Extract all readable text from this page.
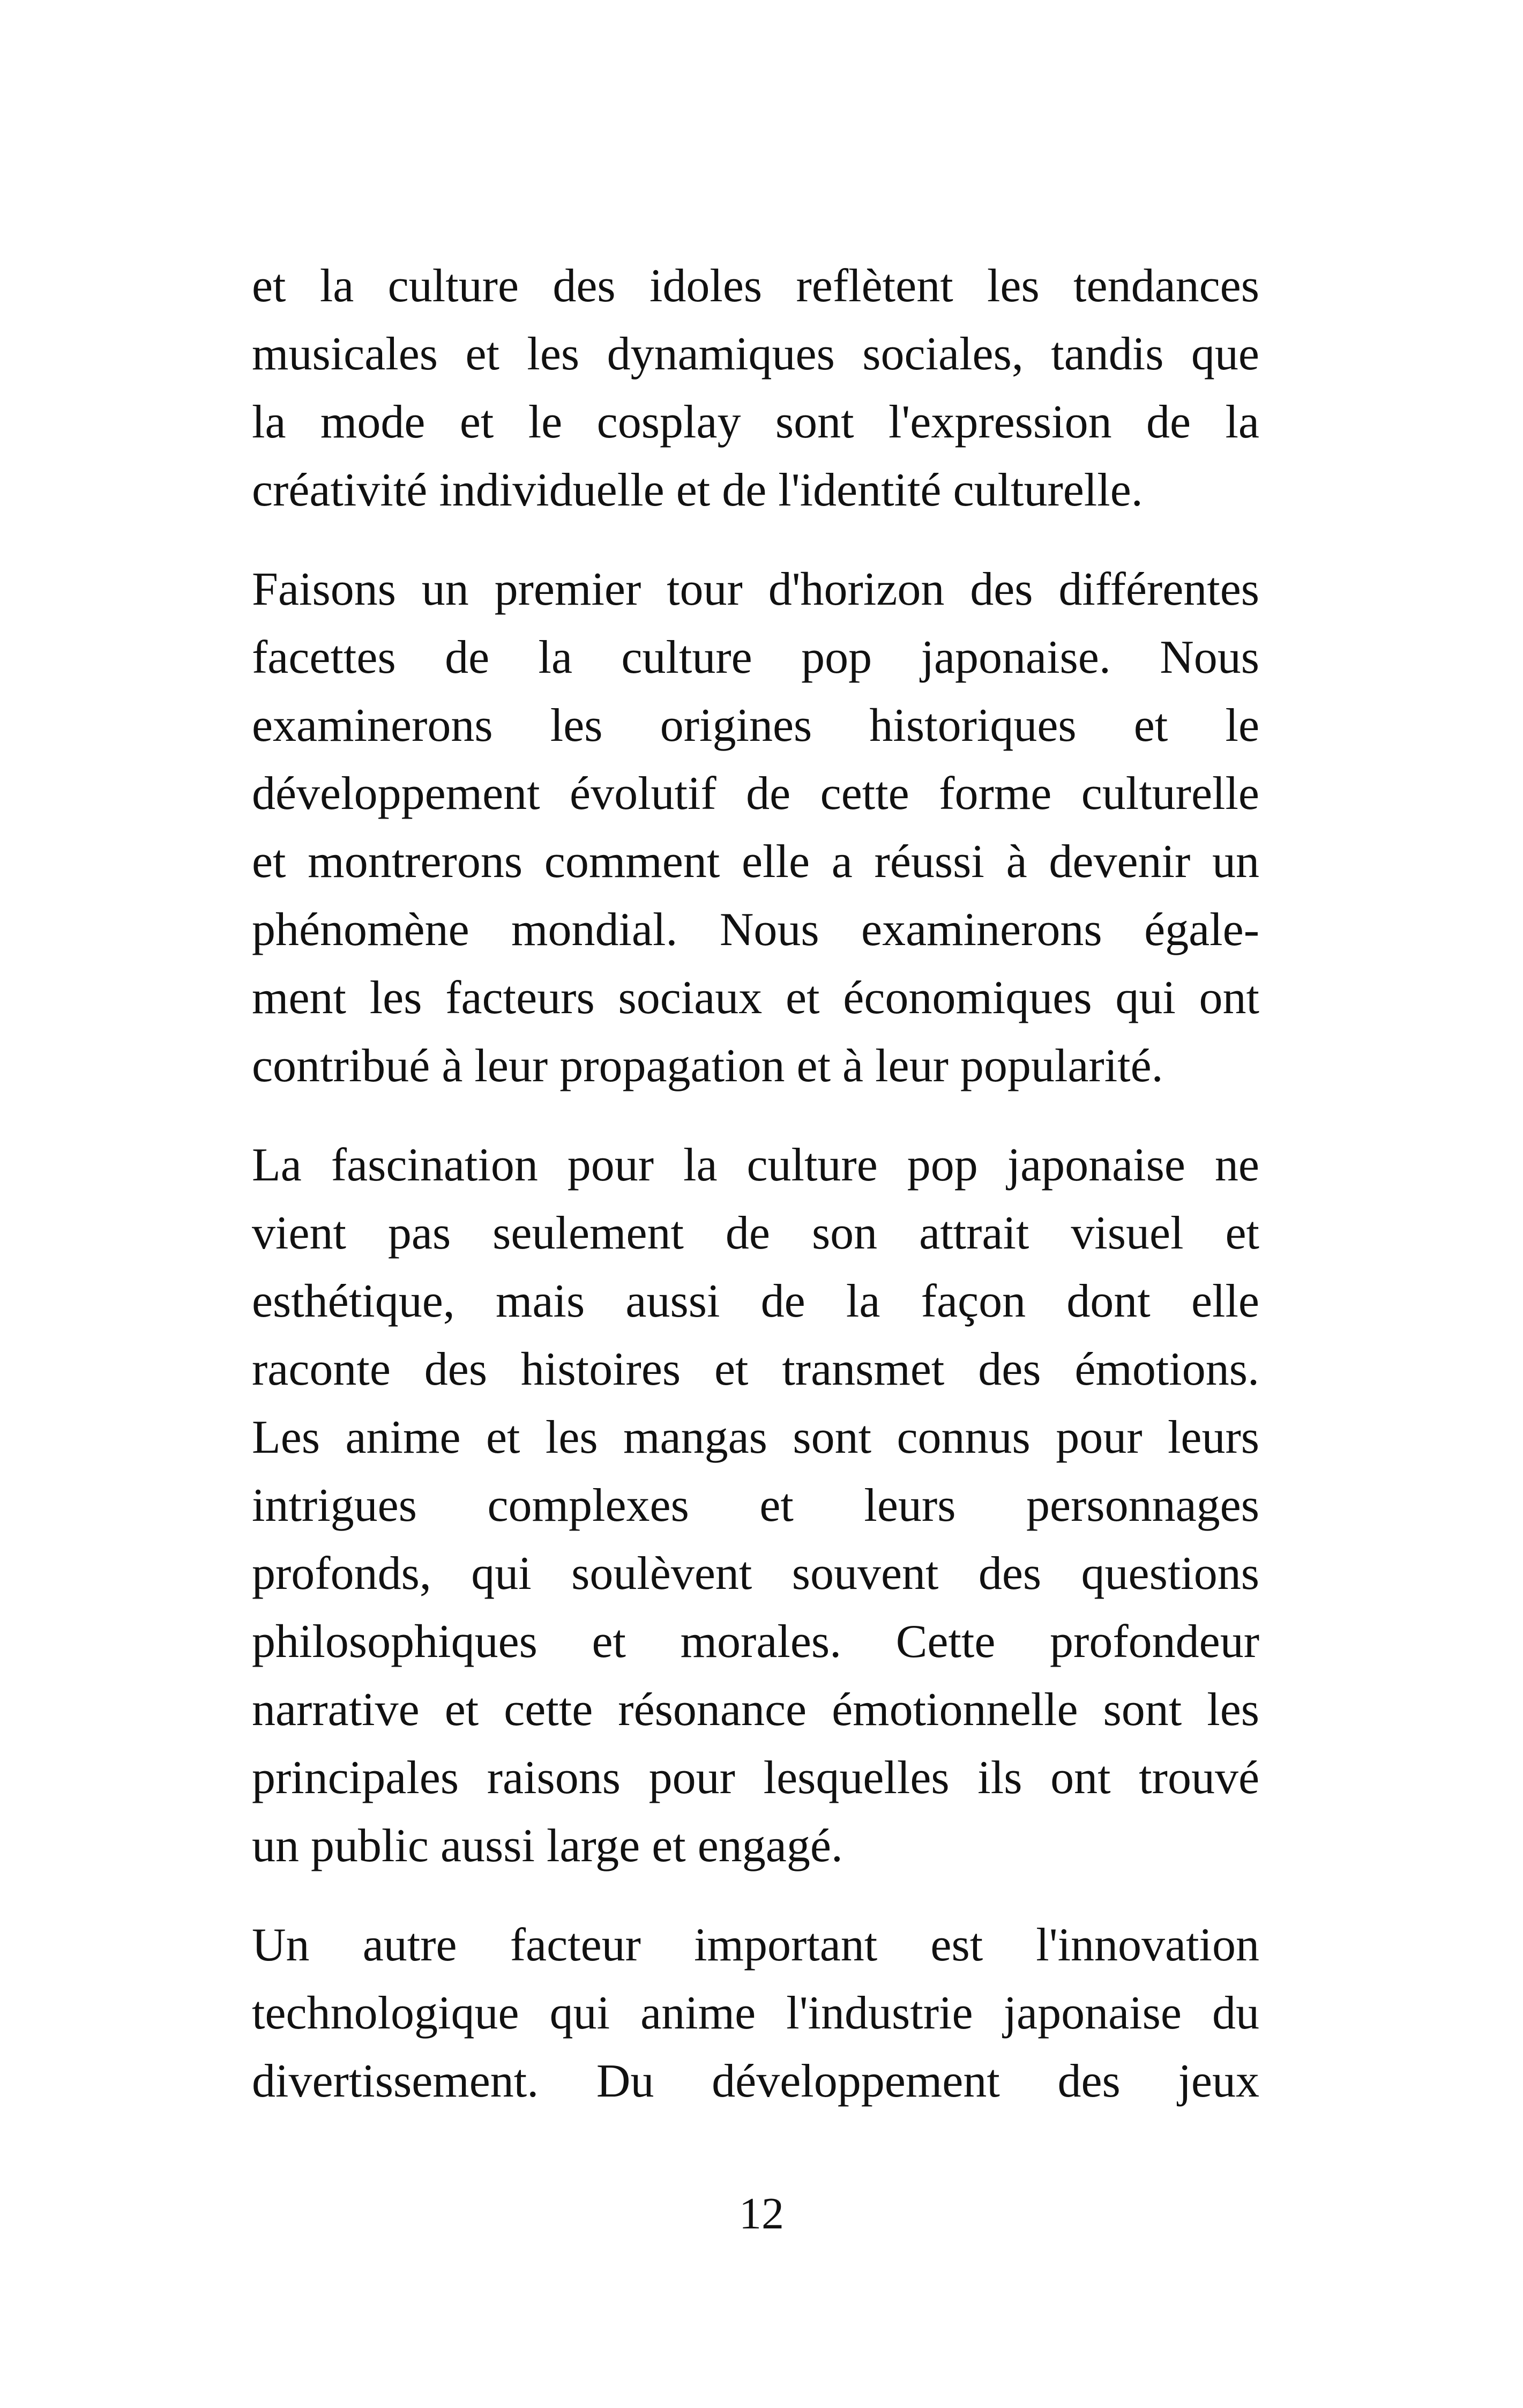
et la culture des idoles reflètent les tendances
musicales et les dynamiques sociales, tandis que
la mode et le cosplay sont l'expression de la
créativité individuelle et de l'identité culturelle.

Faisons un premier tour d'horizon des différentes
facettes de la culture pop japonaise. Nous
examinerons les origines historiques et le
développement évolutif de cette forme culturelle
et montrerons comment elle a réussi à devenir un
phénomène mondial. Nous examinerons égale-
ment les facteurs sociaux et économiques qui ont
contribué à leur propagation et à leur popularité.

La fascination pour la culture pop japonaise ne
vient pas seulement de son attrait visuel et
esthétique, mais aussi de la façon dont elle
raconte des histoires et transmet des émotions.
Les anime et les mangas sont connus pour leurs
intrigues complexes et leurs personnages
profonds, qui soulèvent souvent des questions
philosophiques et morales. Cette profondeur
narrative et cette résonance émotionnelle sont les
principales raisons pour lesquelles ils ont trouvé
un public aussi large et engagé.

Un autre facteur important est l'innovation
technologique qui anime l'industrie japonaise du
divertissement. Du développement des jeux

12
